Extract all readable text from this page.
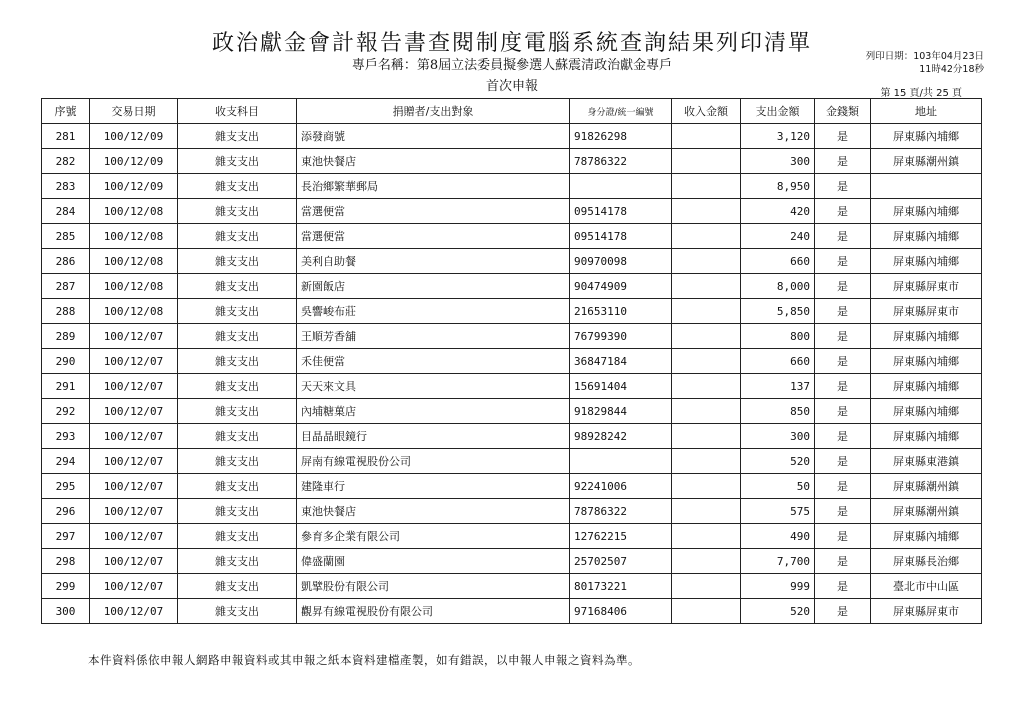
政治獻金會計報告書查閱制度電腦系統查詢結果列印清單
專戶名稱：第8屆立法委員擬參選人蘇震清政治獻金專戶
首次申報
列印日期：103年04月23日
11時42分18秒
第 15 頁/共 25 頁
序號	交易日期	收支科目	捐贈者/支出對象	身分證/統一編號	收入金額	支出金額	金錢類	地址
281	100/12/09	雜支支出	添發商號	91826298		3,120	是	屏東縣內埔鄉
282	100/12/09	雜支支出	東池快餐店	78786322		300	是	屏東縣潮州鎮
283	100/12/09	雜支支出	長治鄉繁華郵局			8,950	是	
284	100/12/08	雜支支出	當選便當	09514178		420	是	屏東縣內埔鄉
285	100/12/08	雜支支出	當選便當	09514178		240	是	屏東縣內埔鄉
286	100/12/08	雜支支出	美利自助餐	90970098		660	是	屏東縣內埔鄉
287	100/12/08	雜支支出	新園飯店	90474909		8,000	是	屏東縣屏東市
288	100/12/08	雜支支出	吳響峻布莊	21653110		5,850	是	屏東縣屏東市
289	100/12/07	雜支支出	王順芳香舖	76799390		800	是	屏東縣內埔鄉
290	100/12/07	雜支支出	禾佳便當	36847184		660	是	屏東縣內埔鄉
291	100/12/07	雜支支出	天天來文具	15691404		137	是	屏東縣內埔鄉
292	100/12/07	雜支支出	內埔糖菓店	91829844		850	是	屏東縣內埔鄉
293	100/12/07	雜支支出	目晶晶眼鏡行	98928242		300	是	屏東縣內埔鄉
294	100/12/07	雜支支出	屏南有線電視股份公司			520	是	屏東縣東港鎮
295	100/12/07	雜支支出	建隆車行	92241006		50	是	屏東縣潮州鎮
296	100/12/07	雜支支出	東池快餐店	78786322		575	是	屏東縣潮州鎮
297	100/12/07	雜支支出	參育多企業有限公司	12762215		490	是	屏東縣內埔鄉
298	100/12/07	雜支支出	偉盛蘭園	25702507		7,700	是	屏東縣長治鄉
299	100/12/07	雜支支出	凱擘股份有限公司	80173221		999	是	臺北市中山區
300	100/12/07	雜支支出	觀昇有線電視股份有限公司	97168406		520	是	屏東縣屏東市
本件資料係依申報人網路申報資料或其申報之紙本資料建檔產製，如有錯誤，以申報人申報之資料為準。
